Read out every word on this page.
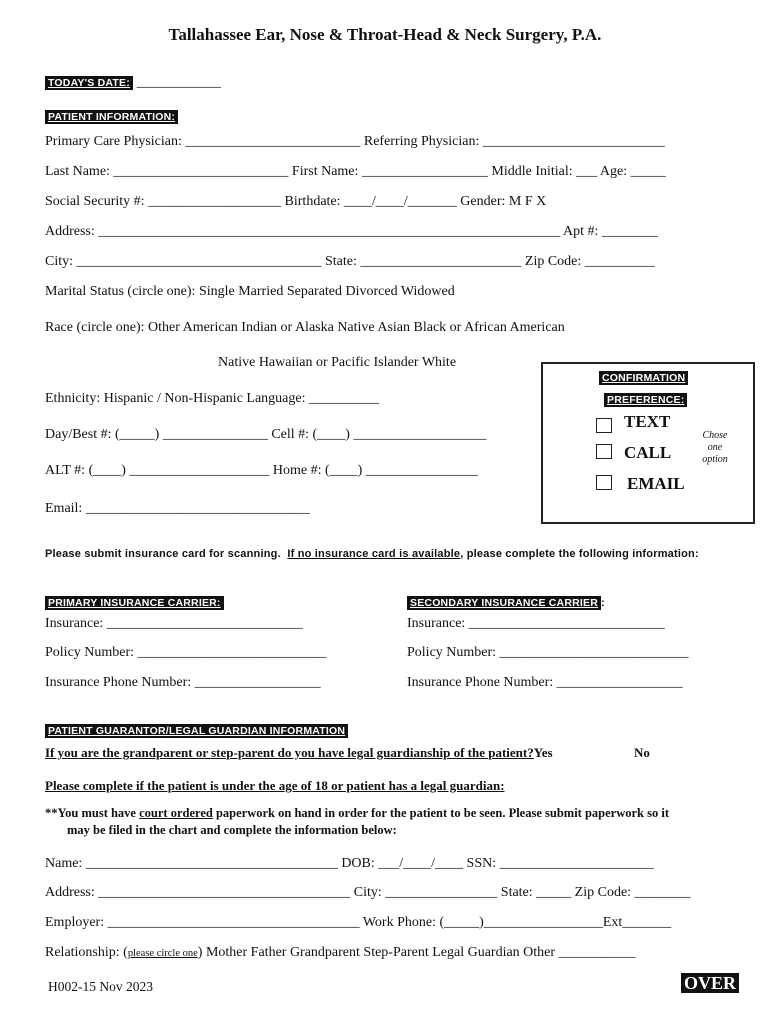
Tallahassee Ear, Nose & Throat-Head & Neck Surgery, P.A.
TODAY'S DATE: ____________
PATIENT INFORMATION:
Primary Care Physician: _________________________ Referring Physician: __________________________
Last Name: _________________________ First Name: __________________ Middle Initial: ___ Age: _____
Social Security #: ___________________ Birthdate: ____/____/_______ Gender: M F X
Address: __________________________________________________________________ Apt #: ________
City: ___________________________________ State: _______________________ Zip Code: __________
Marital Status (circle one): Single Married Separated Divorced Widowed
Race (circle one): Other American Indian or Alaska Native Asian Black or African American
Native Hawaiian or Pacific Islander White
Ethnicity: Hispanic / Non-Hispanic Language: __________
Day/Best #: (_____) _______________ Cell #: (____) ___________________
ALT #: (____) ____________________ Home #: (____) ________________
Email: ________________________________
CONFIRMATION
PREFERENCE:
TEXT
CALL
EMAIL
Chose
one
option
Please submit insurance card for scanning. If no insurance card is available, please complete the following information:
PRIMARY INSURANCE CARRIER:
Insurance: ____________________________
Policy Number: ___________________________
Insurance Phone Number: __________________
SECONDARY INSURANCE CARRIER :
Insurance: ____________________________
Policy Number: ___________________________
Insurance Phone Number: __________________
PATIENT GUARANTOR/LEGAL GUARDIAN INFORMATION
If you are the grandparent or step-parent do you have legal guardianship of the patient?Yes	No
Please complete if the patient is under the age of 18 or patient has a legal guardian:
**You must have court ordered paperwork on hand in order for the patient to be seen. Please submit paperwork so it
may be filed in the chart and complete the information below:
Name: ____________________________________ DOB: ___/____/____ SSN: ______________________
Address: ____________________________________ City: ________________ State: _____ Zip Code: ________
Employer: ____________________________________ Work Phone: (_____)_________________Ext_______
Relationship: (please circle one) Mother Father Grandparent Step-Parent Legal Guardian Other ___________
H002-15 Nov 2023	OVER
